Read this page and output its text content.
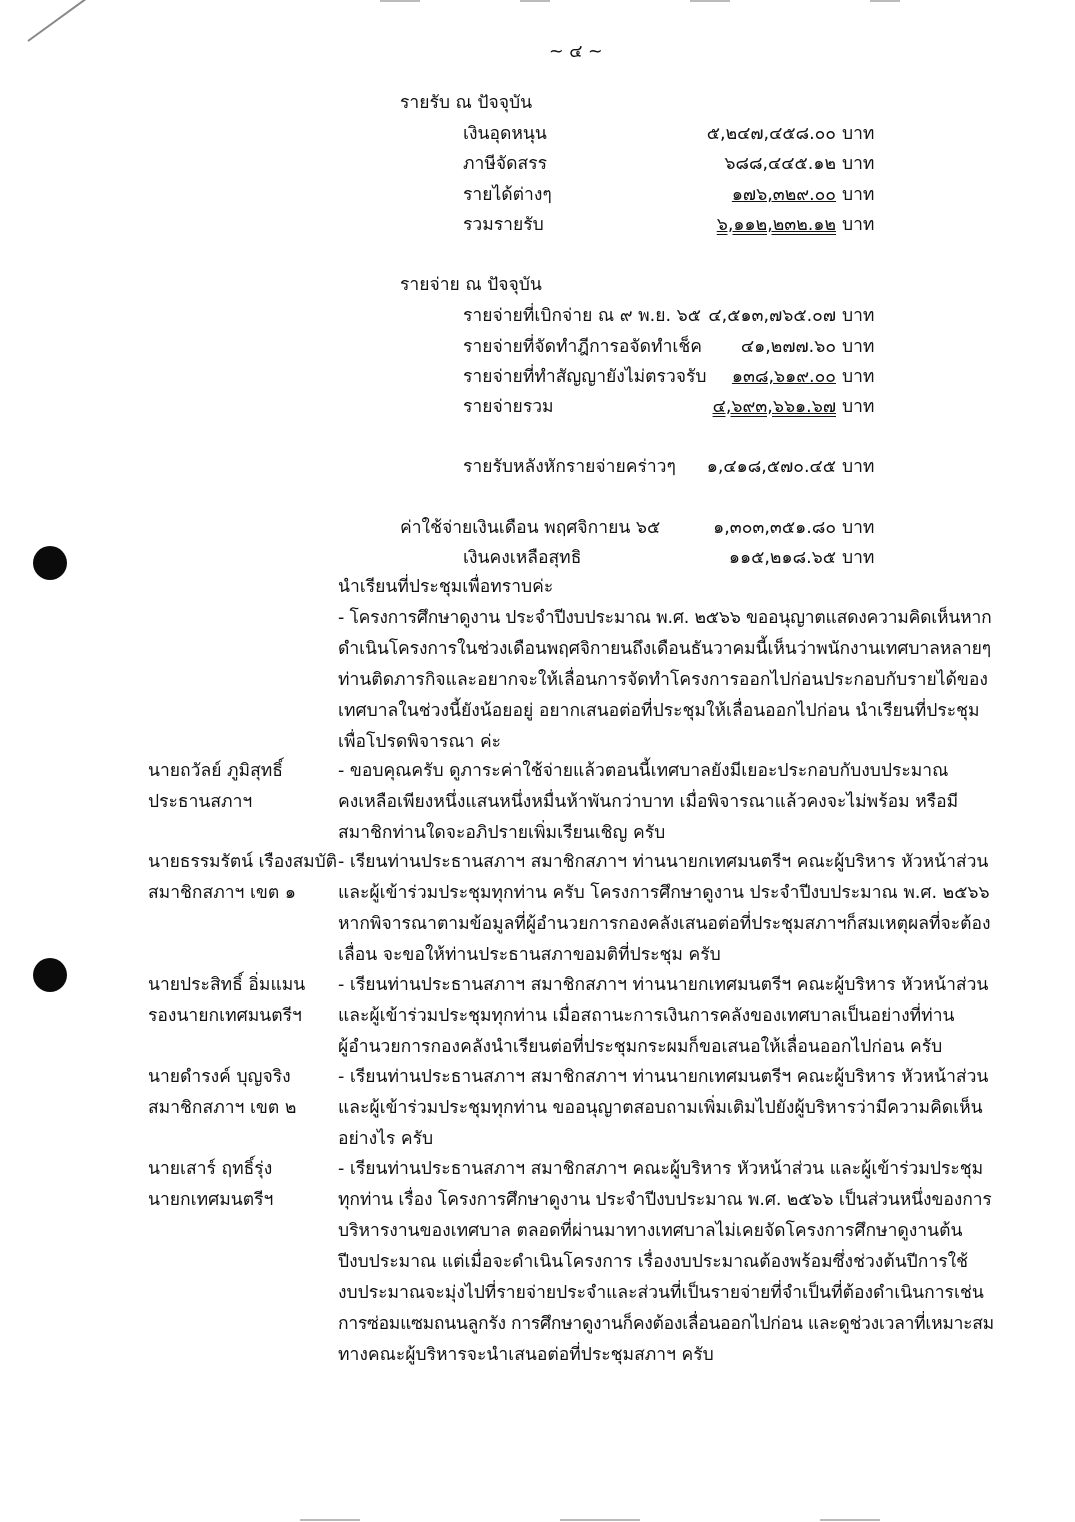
~ ๔ ~
รายรับ ณ ปัจจุบัน
เงินอุดหนุน	๕,๒๔๗,๔๕๘.๐๐ บาท
ภาษีจัดสรร	๖๘๘,๔๔๕.๑๒ บาท
รายได้ต่างๆ	๑๗๖,๓๒๙.๐๐ บาท
รวมรายรับ	๖,๑๑๒,๒๓๒.๑๒ บาท
รายจ่าย ณ ปัจจุบัน
รายจ่ายที่เบิกจ่าย ณ ๙ พ.ย. ๖๕ ๔,๕๑๓,๗๖๕.๐๗ บาท
รายจ่ายที่จัดทำฎีการอจัดทำเช็ค	๔๑,๒๗๗.๖๐ บาท
รายจ่ายที่ทำสัญญายังไม่ตรวจรับ	๑๓๘,๖๑๙.๐๐ บาท
รายจ่ายรวม	๔,๖๙๓,๖๖๑.๖๗ บาท
รายรับหลังหักรายจ่ายคร่าวๆ	๑,๔๑๘,๕๗๐.๔๕ บาท
ค่าใช้จ่ายเงินเดือน พฤศจิกายน ๖๕	๑,๓๐๓,๓๕๑.๘๐ บาท
เงินคงเหลือสุทธิ	๑๑๕,๒๑๘.๖๕ บาท
นำเรียนที่ประชุมเพื่อทราบค่ะ
- โครงการศึกษาดูงาน ประจำปีงบประมาณ พ.ศ. ๒๕๖๖ ขออนุญาตแสดงความคิดเห็นหาก
ดำเนินโครงการในช่วงเดือนพฤศจิกายนถึงเดือนธันวาคมนี้เห็นว่าพนักงานเทศบาลหลายๆ
ท่านติดภารกิจและอยากจะให้เลื่อนการจัดทำโครงการออกไปก่อนประกอบกับรายได้ของ
เทศบาลในช่วงนี้ยังน้อยอยู่ อยากเสนอต่อที่ประชุมให้เลื่อนออกไปก่อน นำเรียนที่ประชุม
เพื่อโปรดพิจารณา ค่ะ
นายถวัลย์ ภูมิสุทธิ์
ประธานสภาฯ
- ขอบคุณครับ ดูภาระค่าใช้จ่ายแล้วตอนนี้เทศบาลยังมีเยอะประกอบกับงบประมาณ
คงเหลือเพียงหนึ่งแสนหนึ่งหมื่นห้าพันกว่าบาท เมื่อพิจารณาแล้วคงจะไม่พร้อม หรือมี
สมาชิกท่านใดจะอภิปรายเพิ่มเรียนเชิญ ครับ
นายธรรมรัตน์ เรืองสมบัติ
สมาชิกสภาฯ เขต ๑
- เรียนท่านประธานสภาฯ สมาชิกสภาฯ ท่านนายกเทศมนตรีฯ คณะผู้บริหาร หัวหน้าส่วน
และผู้เข้าร่วมประชุมทุกท่าน ครับ โครงการศึกษาดูงาน ประจำปีงบประมาณ พ.ศ. ๒๕๖๖
หากพิจารณาตามข้อมูลที่ผู้อำนวยการกองคลังเสนอต่อที่ประชุมสภาฯก็สมเหตุผลที่จะต้อง
เลื่อน จะขอให้ท่านประธานสภาขอมติที่ประชุม ครับ
นายประสิทธิ์ อิ่มแมน
รองนายกเทศมนตรีฯ
- เรียนท่านประธานสภาฯ สมาชิกสภาฯ ท่านนายกเทศมนตรีฯ คณะผู้บริหาร หัวหน้าส่วน
และผู้เข้าร่วมประชุมทุกท่าน เมื่อสถานะการเงินการคลังของเทศบาลเป็นอย่างที่ท่าน
ผู้อำนวยการกองคลังนำเรียนต่อที่ประชุมกระผมก็ขอเสนอให้เลื่อนออกไปก่อน ครับ
นายดำรงค์ บุญจริง
สมาชิกสภาฯ เขต ๒
- เรียนท่านประธานสภาฯ สมาชิกสภาฯ ท่านนายกเทศมนตรีฯ คณะผู้บริหาร หัวหน้าส่วน
และผู้เข้าร่วมประชุมทุกท่าน ขออนุญาตสอบถามเพิ่มเติมไปยังผู้บริหารว่ามีความคิดเห็น
อย่างไร ครับ
นายเสาร์ ฤทธิ์รุ่ง
นายกเทศมนตรีฯ
- เรียนท่านประธานสภาฯ สมาชิกสภาฯ คณะผู้บริหาร หัวหน้าส่วน และผู้เข้าร่วมประชุม
ทุกท่าน เรื่อง โครงการศึกษาดูงาน ประจำปีงบประมาณ พ.ศ. ๒๕๖๖ เป็นส่วนหนึ่งของการ
บริหารงานของเทศบาล ตลอดที่ผ่านมาทางเทศบาลไม่เคยจัดโครงการศึกษาดูงานต้น
ปีงบประมาณ แต่เมื่อจะดำเนินโครงการ เรื่องงบประมาณต้องพร้อมซึ่งช่วงต้นปีการใช้
งบประมาณจะมุ่งไปที่รายจ่ายประจำและส่วนที่เป็นรายจ่ายที่จำเป็นที่ต้องดำเนินการเช่น
การซ่อมแซมถนนลูกรัง การศึกษาดูงานก็คงต้องเลื่อนออกไปก่อน และดูช่วงเวลาที่เหมาะสม
ทางคณะผู้บริหารจะนำเสนอต่อที่ประชุมสภาฯ ครับ
